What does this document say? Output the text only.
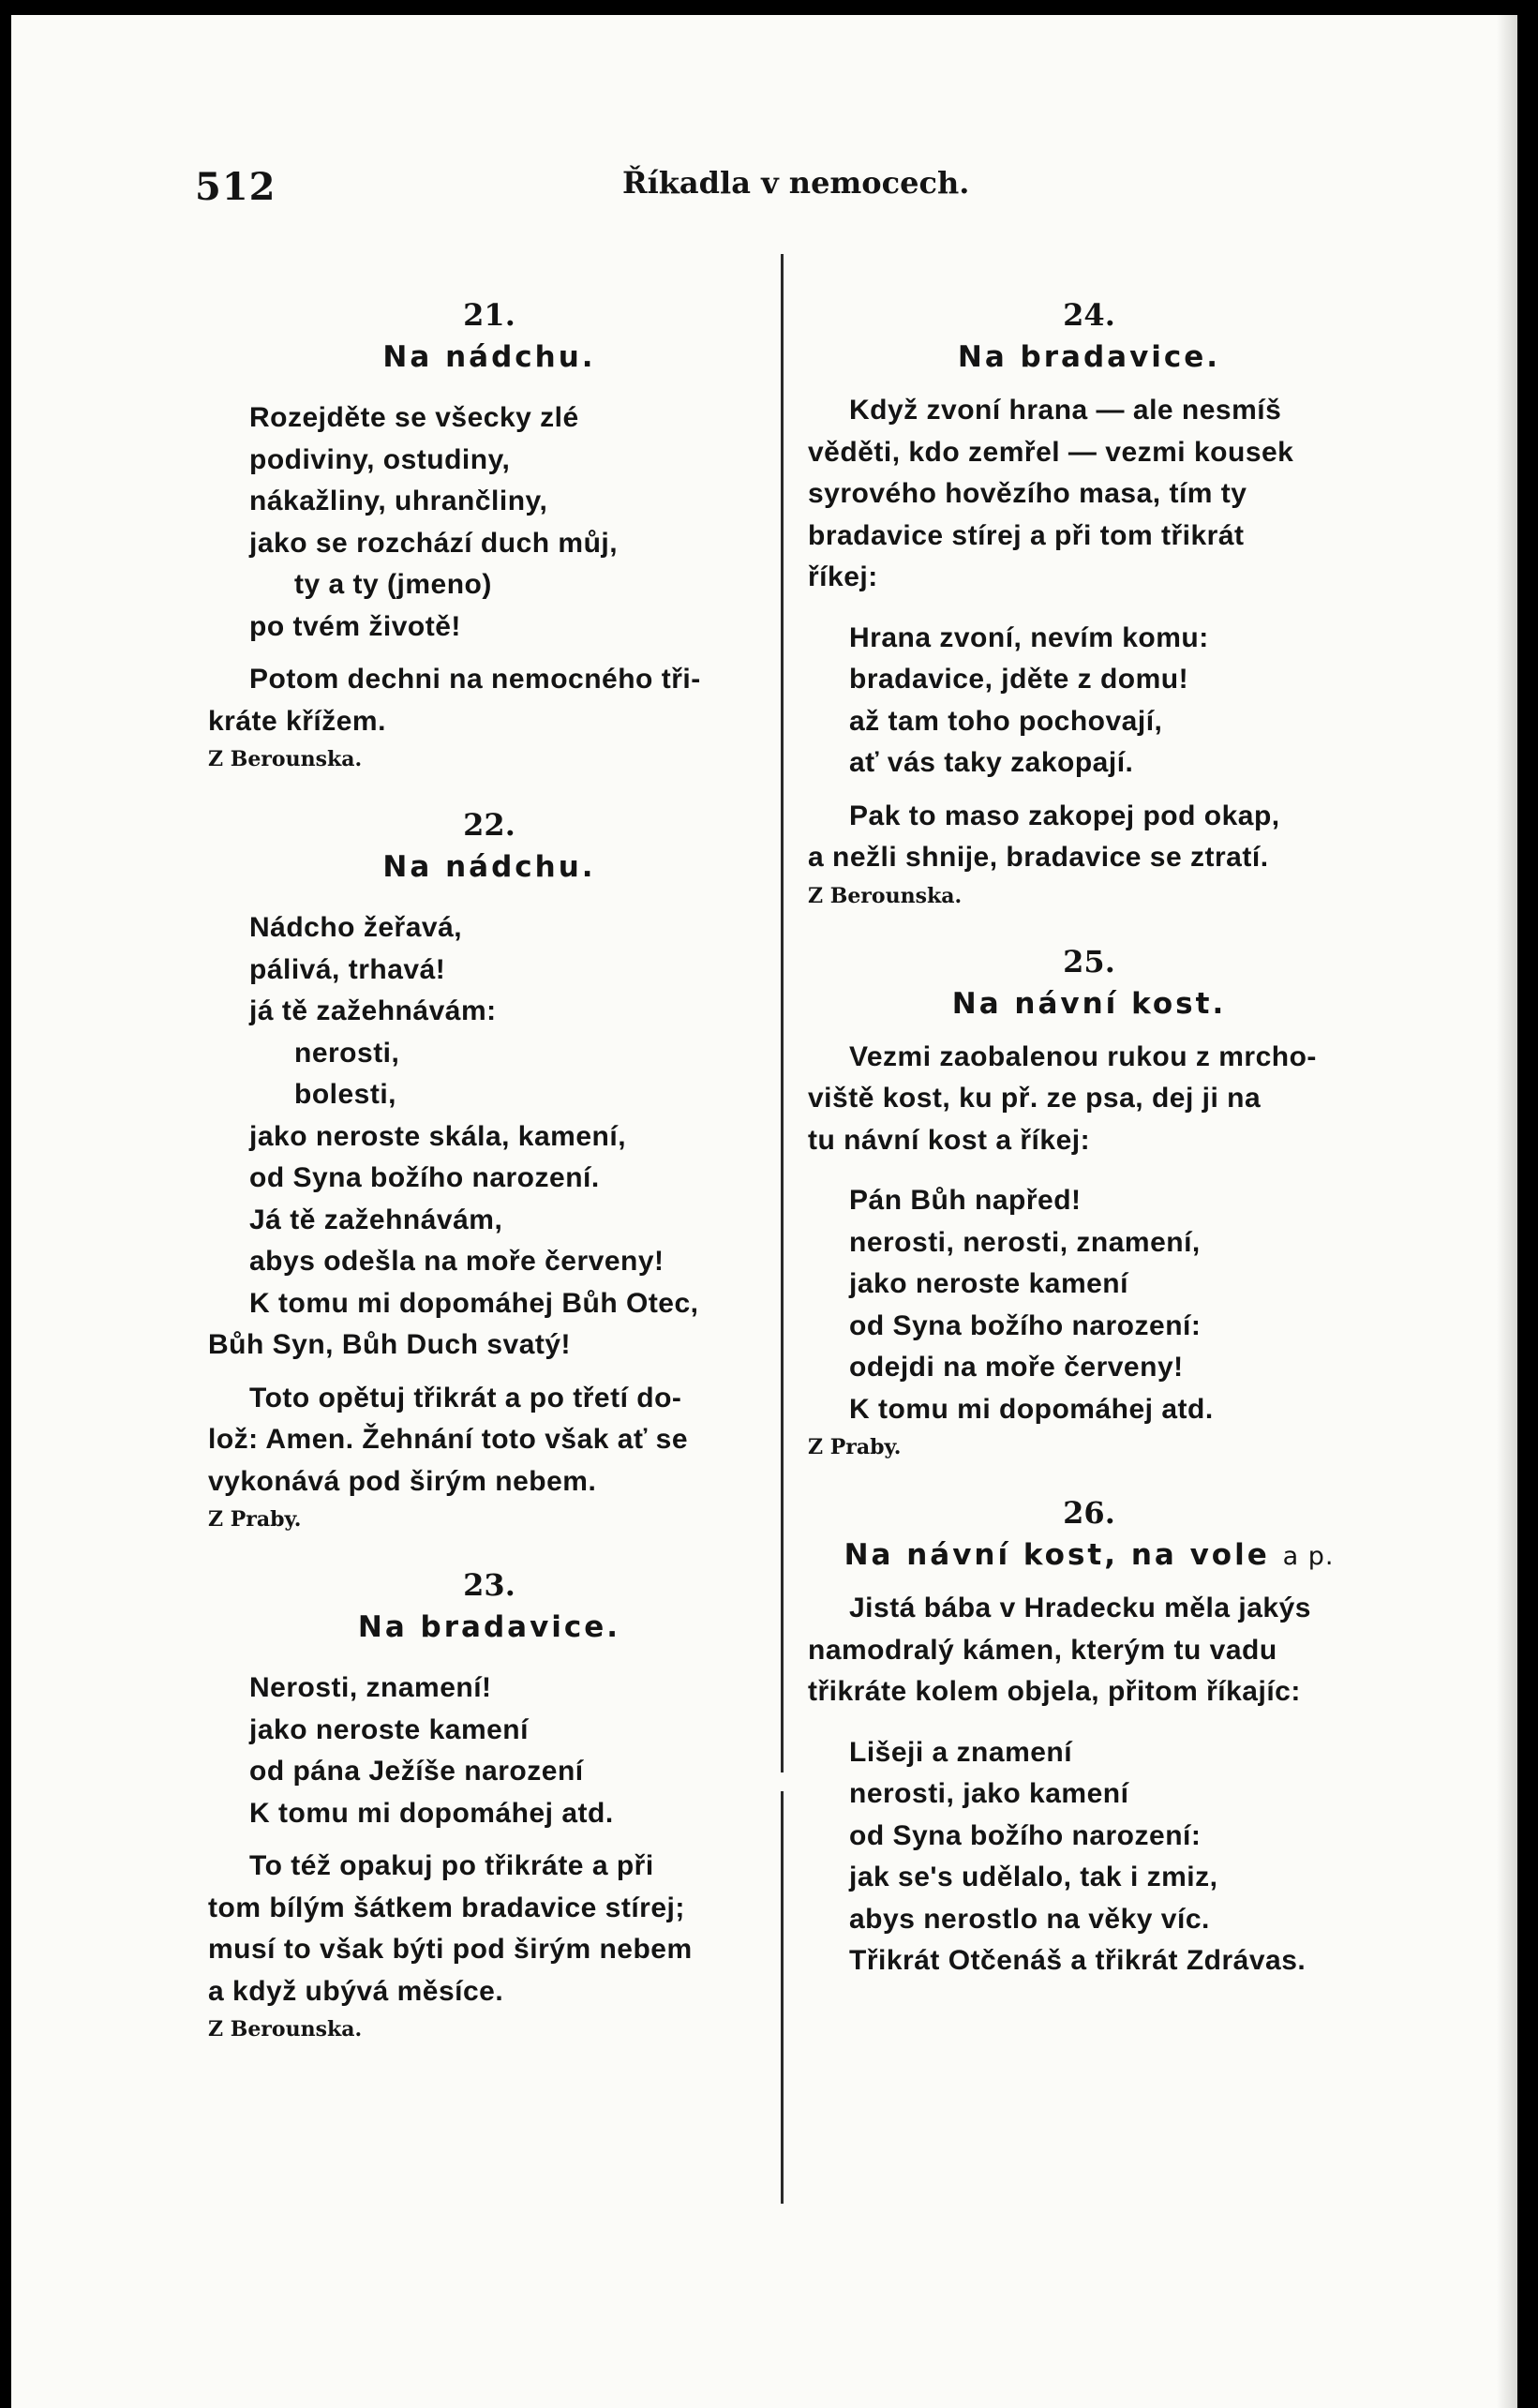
512	Říkadla v nemocech.
21.
Na nádchu.
Rozejděte se všecky zlé
podiviny, ostudiny,
nákažliny, uhrančliny,
jako se rozchází duch můj,
ty a ty (jmeno)
po tvém životě!
Potom dechni na nemocného tři-
kráte křížem.
Z Berounska.
22.
Na nádchu.
Nádcho žeřavá,
pálivá, trhavá!
já tě zažehnávám:
nerosti,
bolesti,
jako neroste skála, kamení,
od Syna božího narození.
Já tě zažehnávám,
abys odešla na moře červeny!
K tomu mi dopomáhej Bůh Otec,
Bůh Syn, Bůh Duch svatý!
Toto opětuj třikrát a po třetí do-
lož: Amen. Žehnání toto však ať se
vykonává pod širým nebem.
Z Praby.
23.
Na bradavice.
Nerosti, znamení!
jako neroste kamení
od pána Ježíše narození
K tomu mi dopomáhej atd.
To též opakuj po třikráte a při
tom bílým šátkem bradavice stírej;
musí to však býti pod širým nebem
a když ubývá měsíce.
Z Berounska.
24.
Na bradavice.
Když zvoní hrana — ale nesmíš
věděti, kdo zemřel — vezmi kousek
syrového hovězího masa, tím ty
bradavice stírej a při tom třikrát
říkej:
Hrana zvoní, nevím komu:
bradavice, jděte z domu!
až tam toho pochovají,
ať vás taky zakopají.
Pak to maso zakopej pod okap,
a nežli shnije, bradavice se ztratí.
Z Berounska.
25.
Na návní kost.
Vezmi zaobalenou rukou z mrcho-
viště kost, ku př. ze psa, dej ji na
tu návní kost a říkej:
Pán Bůh napřed!
nerosti, nerosti, znamení,
jako neroste kamení
od Syna božího narození:
odejdi na moře červeny!
K tomu mi dopomáhej atd.
Z Praby.
26.
Na návní kost, na vole a p.
Jistá bába v Hradecku měla jakýs
namodralý kámen, kterým tu vadu
třikráte kolem objela, přitom říkajíc:
Lišeji a znamení
nerosti, jako kamení
od Syna božího narození:
jak se's udělalo, tak i zmiz,
abys nerostlo na věky víc.
Třikrát Otčenáš a třikrát Zdrávas.
